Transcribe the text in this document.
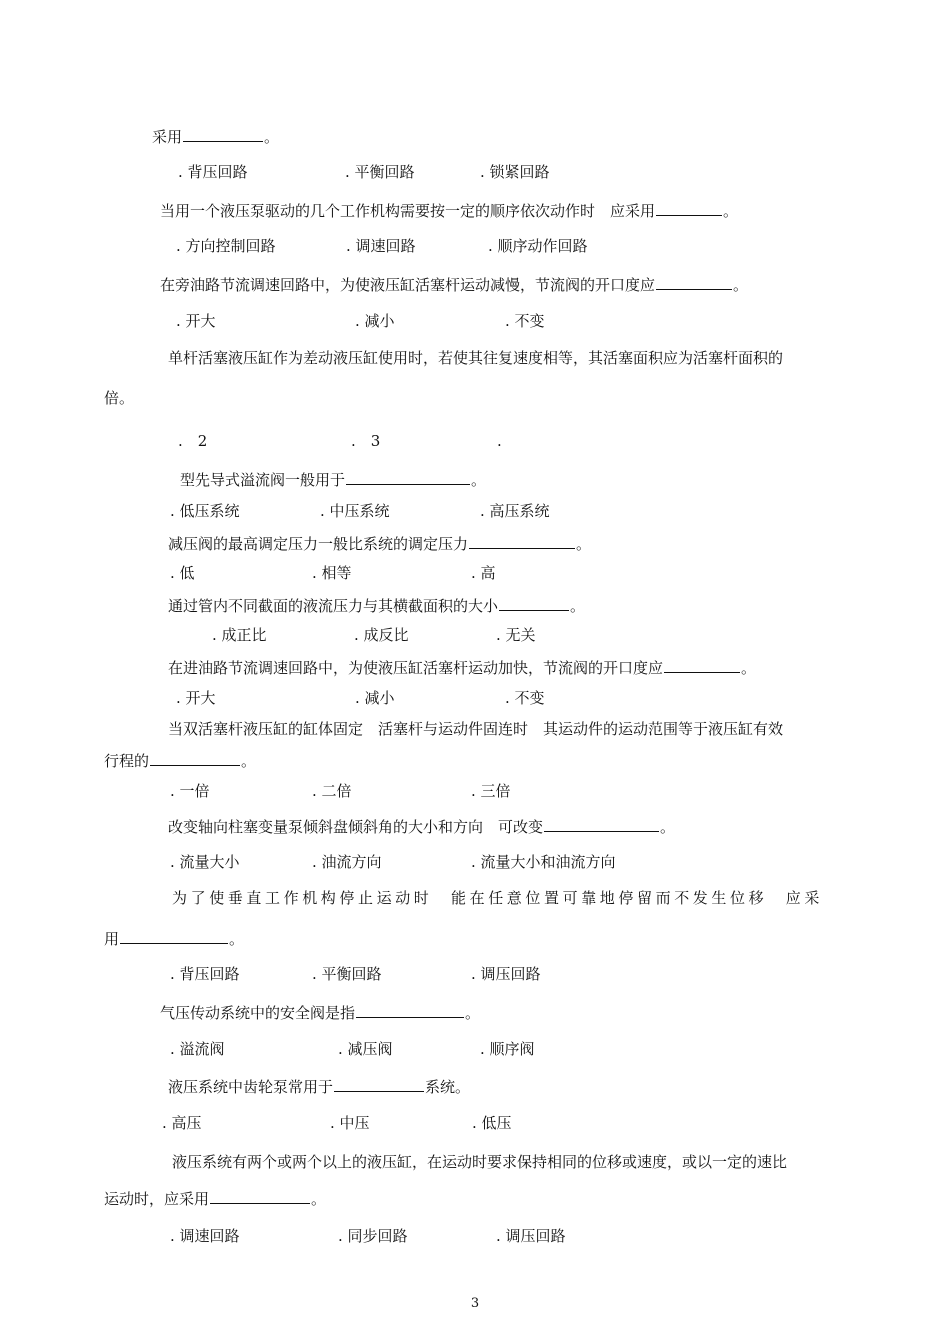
采用	。
. 背压回路	. 平衡回路	. 锁紧回路
当用一个液压泵驱动的几个工作机构需要按一定的顺序依次动作时　应采用	。
. 方向控制回路	. 调速回路	. 顺序动作回路
在旁油路节流调速回路中，为使液压缸活塞杆运动减慢，节流阀的开口度应	。
. 开大	. 减小	. 不变
单杆活塞液压缸作为差动液压缸使用时，若使其往复速度相等，其活塞面积应为活塞杆面积的
倍。
.　2	.　3	.
型先导式溢流阀一般用于	。
. 低压系统	. 中压系统	. 高压系统
减压阀的最高调定压力一般比系统的调定压力	。
. 低	. 相等	. 高
通过管内不同截面的液流压力与其横截面积的大小	。
. 成正比	. 成反比	. 无关
在进油路节流调速回路中，为使液压缸活塞杆运动加快，节流阀的开口度应	。
. 开大	. 减小	. 不变
当双活塞杆液压缸的缸体固定　活塞杆与运动件固连时　其运动件的运动范围等于液压缸有效
行程的	。
. 一倍	. 二倍	. 三倍
改变轴向柱塞变量泵倾斜盘倾斜角的大小和方向　可改变	。
. 流量大小	. 油流方向	. 流量大小和油流方向
为了使垂直工作机构停止运动时　能在任意位置可靠地停留而不发生位移　应采
用	。
. 背压回路	. 平衡回路	. 调压回路
气压传动系统中的安全阀是指	。
. 溢流阀	. 减压阀	. 顺序阀
液压系统中齿轮泵常用于	系统。
. 高压	. 中压	. 低压
液压系统有两个或两个以上的液压缸，在运动时要求保持相同的位移或速度，或以一定的速比
运动时，应采用	。
. 调速回路	. 同步回路	. 调压回路
3
